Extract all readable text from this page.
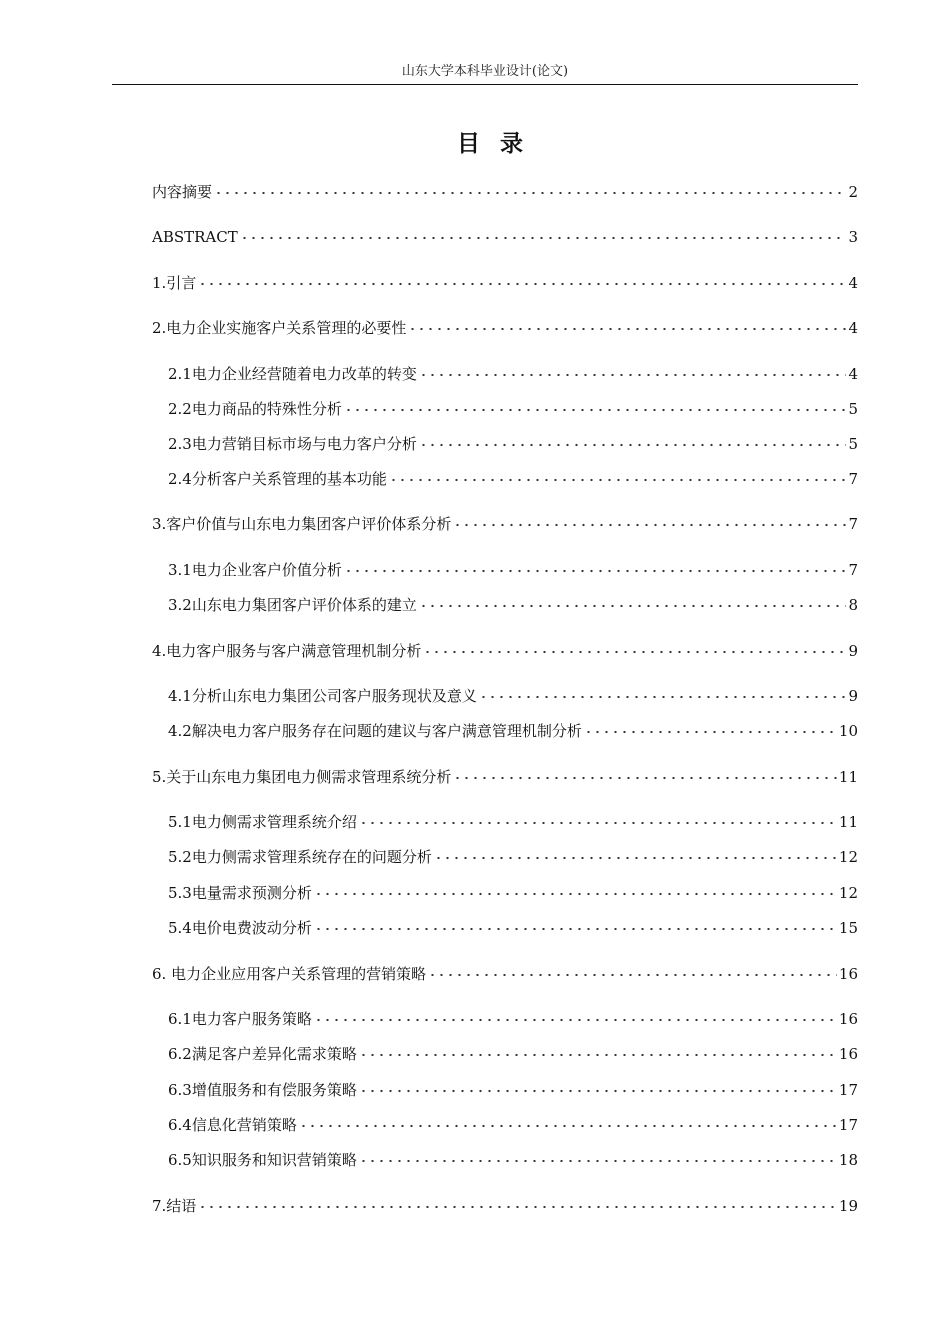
山东大学本科毕业设计(论文)
目录
内容摘要	2
ABSTRACT	3
1.引言	4
2.电力企业实施客户关系管理的必要性	4
2.1电力企业经营随着电力改革的转变	4
2.2电力商品的特殊性分析	5
2.3电力营销目标市场与电力客户分析	5
2.4分析客户关系管理的基本功能	7
3.客户价值与山东电力集团客户评价体系分析	7
3.1电力企业客户价值分析	7
3.2山东电力集团客户评价体系的建立	8
4.电力客户服务与客户满意管理机制分析	9
4.1分析山东电力集团公司客户服务现状及意义	9
4.2解决电力客户服务存在问题的建议与客户满意管理机制分析	10
5.关于山东电力集团电力侧需求管理系统分析	11
5.1电力侧需求管理系统介绍	11
5.2电力侧需求管理系统存在的问题分析	12
5.3电量需求预测分析	12
5.4电价电费波动分析	15
6. 电力企业应用客户关系管理的营销策略	16
6.1电力客户服务策略	16
6.2满足客户差异化需求策略	16
6.3增值服务和有偿服务策略	17
6.4信息化营销策略	17
6.5知识服务和知识营销策略	18
7.结语	19
